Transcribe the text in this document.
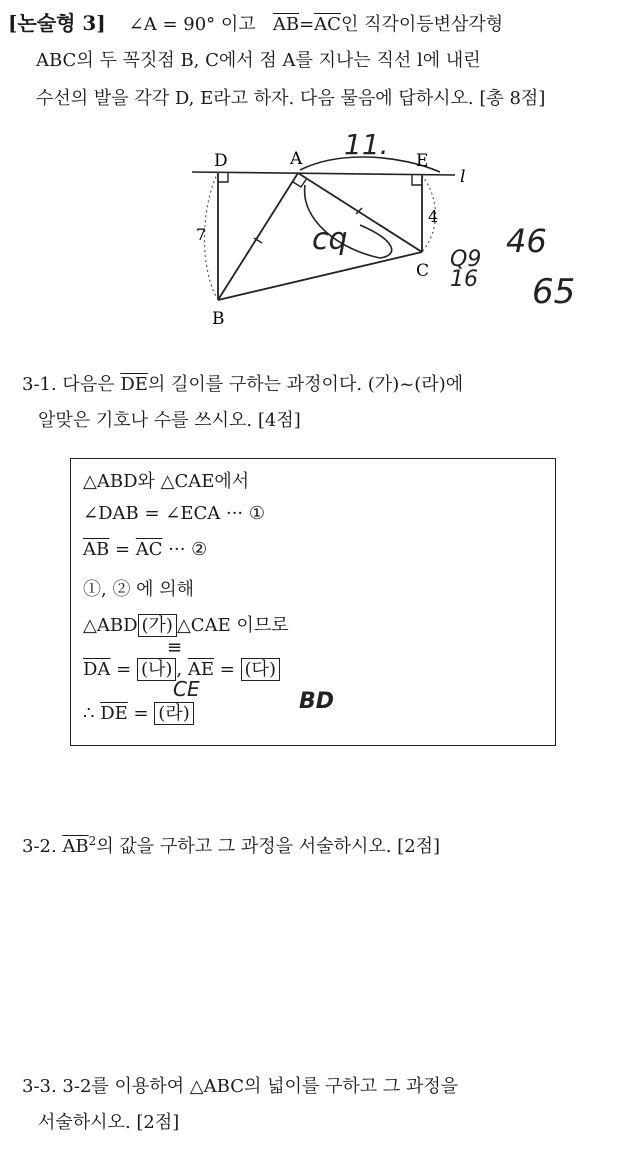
[논술형 3] ∠A = 90° 이고 $\overline{AB}=\overline{AC}$인 직각이등변삼각형
ABC의 두 꼭짓점 B, C에서 점 A를 지나는 직선 l에 내린
수선의 발을 각각 D, E라고 하자. 다음 물음에 답하시오. [총 8점]
D	A	E
l
C
B
7
4
11.
cq	46
65
Q9
16
3-1. 다음은 $\overline{DE}$의 길이를 구하는 과정이다. (가)~(라)에
알맞은 기호나 수를 쓰시오. [4점]
△ABD와 △CAE에서
∠DAB = ∠ECA ··· ①
$\overline{AB} = \overline{AC}$ ··· ②
①, ② 에 의해
△ABD (가) △CAE 이므로
$\overline{DA}$ = (나) , $\overline{AE}$ = (다)
∴ $\overline{DE}$ = (라)
≡
CE	BD
3-2. $\overline{AB}^2$의 값을 구하고 그 과정을 서술하시오. [2점]
3-3. 3-2를 이용하여 △ABC의 넓이를 구하고 그 과정을
서술하시오. [2점]
